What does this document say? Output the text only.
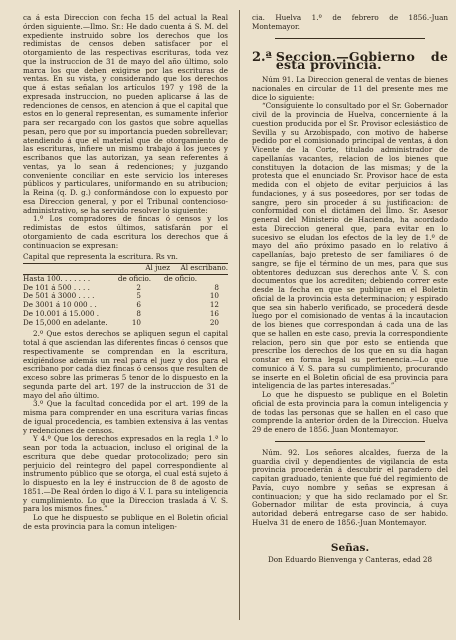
ca á esta Direccion con fecha 15 del actual la Real órden siguiente.—Ilmo. Sr.: He dado cuenta á S. M. del expediente instruido sobre los derechos que los redimistas de censos deben satisfacer por el otorgamiento de las respectivas escrituras, toda vez que la instruccion de 31 de mayo del año último, solo marca los que deben exigirse por las escrituras de ventas. En su vista, y considerando que los derechos que á estas señalan los artículos 197 y 198 de la expresada instruccion, no pueden aplicarse á las de redenciones de censos, en atencion á que el capital que estos en lo general representan, es sumamente inferior para ser recargado con los gastos que sobre aquellas pesan, pero que por su importancia pueden sobrellevar; atendiendo á que el material que de otorgamiento de las escrituras, infiere un mismo trabajo á los jueces y escribanos que las autorizan, ya sean referentes á ventas, ya lo sean á redenciones; y juzgando conveniente conciliar en este servicio los intereses públicos y particulares, uniformando en su atribucion; la Reina (q. D. g.) conformándose con lo expuesto por esa Direccion general, y por el Tribunal contencioso-administrativo, se ha servido resolver lo siguiente:

1.º Los compradores de fincas ó censos y los redimistas de estos últimos, satisfarán por el otorgamiento de cada escritura los derechos que á continuacion se expresan:

Capital que representa la escritura. Rs vn.
Al juez	Al escribano.
Hasta 100. . . . . . .	de oficio.	de oficio.
De 101 á 500 . . . .	2	8
De 501 á 3000 . . . .	5	10
De 3001 á 10 000 . .	6	12
De 10.001 á 15.000 .	8	16
De 15,000 en adelante.	10	20

2.º Que estos derechos se apliquen segun el capital total á que asciendan las diferentes fincas ó censos que respectivamente se comprendan en la escritura, exigiéndose además un real para el juez y dos para el escribano por cada diez fincas ó censos que resulten de exceso sobre las primeras 5 tenor de lo dispuesto en la segunda parte del art. 197 de la instruccion de 31 de mayo del año último.

3.º Que la facultad concedida por el art. 199 de la misma para comprender en una escritura varias fincas de igual procedencia, es tambien extensiva á las ventas y redenciones de censos.

Y 4.º Que los derechos expresados en la regla 1.ª lo sean por toda la actuacion, incluso el original de la escritura que debe quedar protocolizado; pero sin perjuicio del reintegro del papel correspondiente al instrumento público que se otorga, el cual está sujeto á lo dispuesto en la ley é instruccion de 8 de agosto de 1851.—De Real órden lo digo á V. I. para su inteligencia y cumplimiento. Lo que la Direccion traslada á V. S. para los mismos fines.”

Lo que he dispuesto se publique en el Boletin oficial de esta provincia para la comun inteligen-

cia. Huelva 1.º de febrero de 1856.-Juan Montemayor.

2.ª Seccion.—Gobierno de esta provincia.

Núm 91. La Direccion general de ventas de bienes nacionales en circular de 11 del presente mes me dice lo siguiente:

“Consiguiente lo consultado por el Sr. Gobernador civil de la provincia de Huelva, concerniente á la cuestion producida por el Sr. Provisor eclesiástico de Sevilla y su Arzobispado, con motivo de haberse pedido por el comisionado principal de ventas, á don Vicente de la Corte, titulado administrador de capellanías vacantes, relacion de los bienes que constituyen la dotacion de las mismas; y de la protesta que el enunciado Sr. Provisor hace de esta medida con el objeto de evitar perjuicios á las fundaciones, y á sus poseedores, por ser todas de sangre, pero sin proceder á su justificacion: de conformidad con el dictámen del Ilmo. Sr. Asesor general del Ministerio de Hacienda, ha acordado esta Direccion general que, para evitar en lo sucesivo se eludan los efectos de la ley de 1.º de mayo del año próximo pasado en lo relativo á capellanías, bajo pretesto de ser familiares ó de sangre, se fije el término de un mes, para que sus obtentores deduzcan sus derechos ante V. S. con documentos que los acrediten; debiendo correr este desde la fecha en que se publique en el Boletin oficial de la provincia esta determinacion; y espirado que sea sin haberlo verificado, se procederá desde luego por el comisionado de ventas á la incautacion de los bienes que correspondan á cada una de las que se hallen en este caso, previa la correspondiente relacion, pero sin que por esto se entienda que prescribe los derechos de los que en su día hagan constar en forma legal su pertenencia.—Lo que comunico á V. S. para su cumplimiento, procurando se inserte en el Boletin oficial de esa provincia para inteligencia de las partes interesadas.”

Lo que he dispuesto se publique en el Boletin oficial de esta provincia para la comun inteligencia y de todas las personas que se hallen en el caso que comprende la anterior órden de la Direccion. Huelva 29 de enero de 1856. Juan Montemayor.

Núm. 92. Los señores alcaldes, fuerza de la guardia civil y dependientes de vigilancia de esta provincia procederán á descubrir el paradero del capitan graduado, teniente que fué del regimiento de Pavía, cuyo nombre y señas se expresan á continuacion; y que ha sido reclamado por el Sr. Gobernador militar de esta provincia, á cuya autoridad deberá entregarse caso de ser habido. Huelva 31 de enero de 1856.-Juan Montemayor.

Señas.

Don Eduardo Bienvenga y Canteras, edad 28
